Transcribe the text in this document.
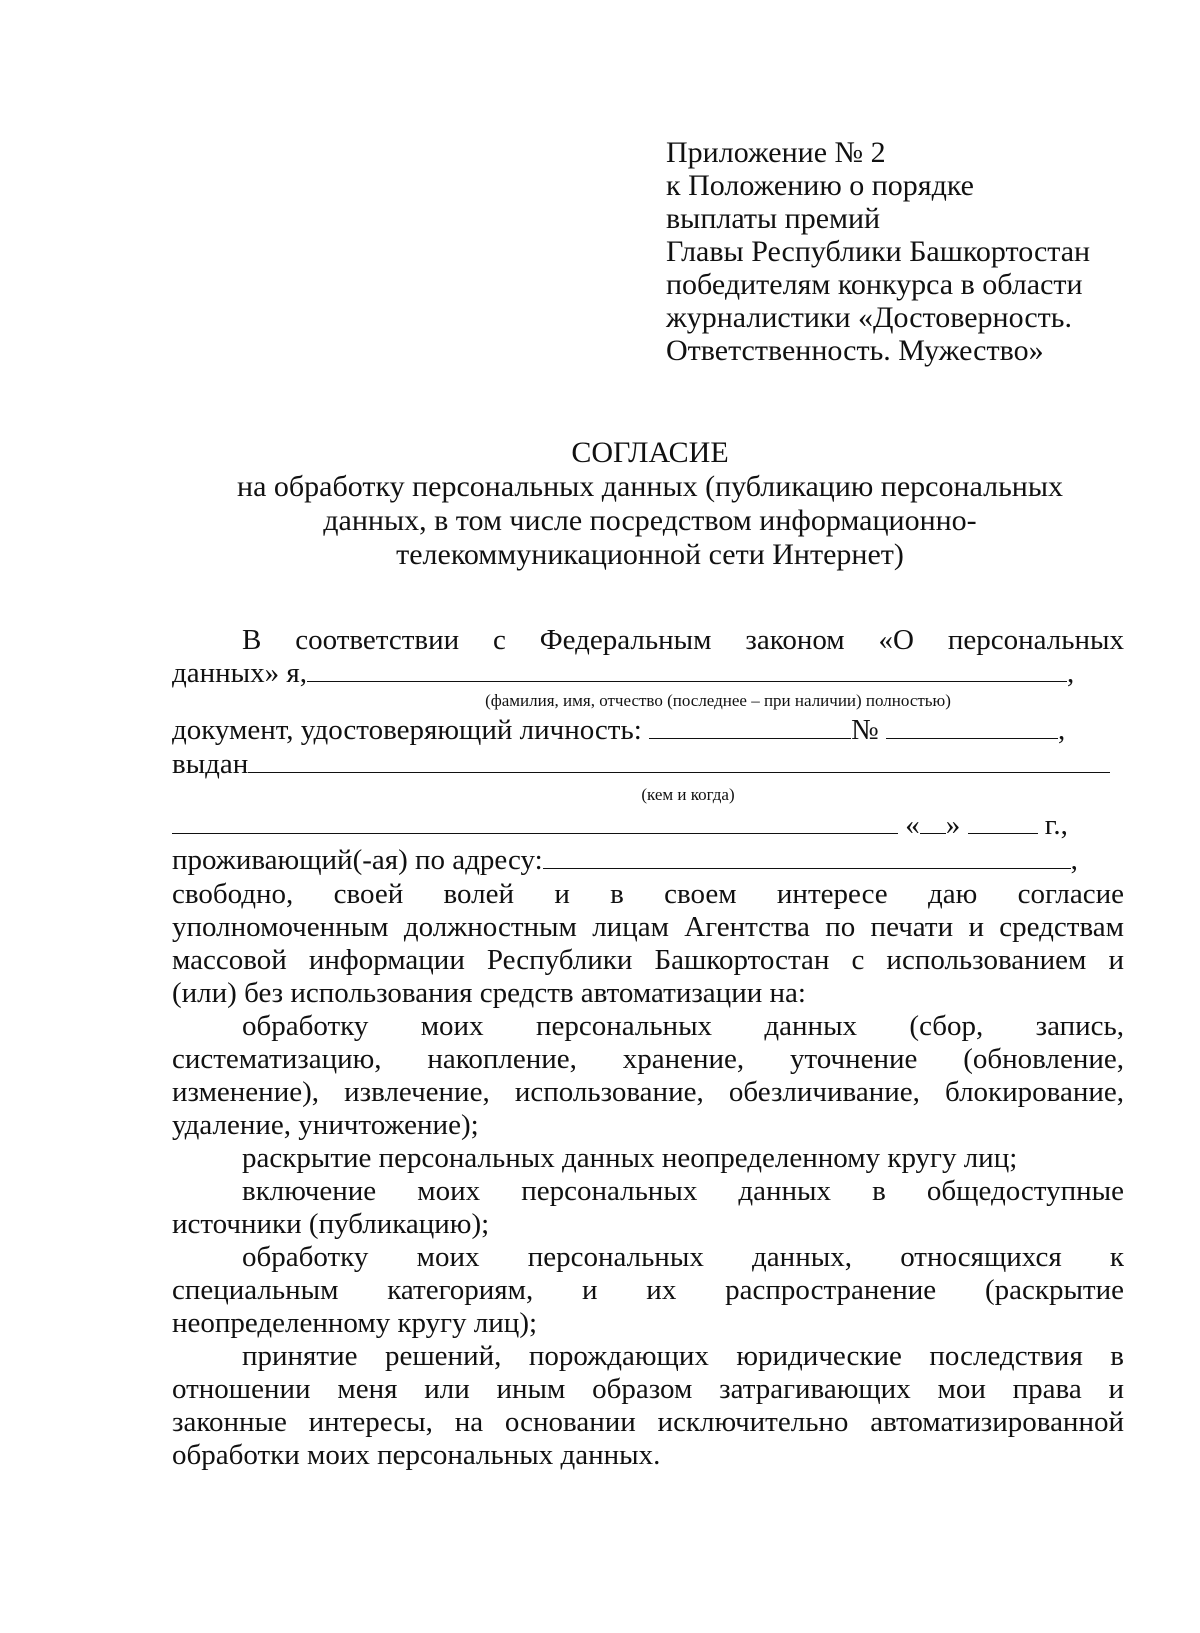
Приложение № 2
к Положению о порядке
выплаты премий
Главы Республики Башкортостан
победителям конкурса в области
журналистики «Достоверность.
Ответственность. Мужество»
СОГЛАСИЕ
на обработку персональных данных (публикацию персональных
данных, в том числе посредством информационно-
телекоммуникационной сети Интернет)
В соответствии с Федеральным законом «О персональных
данных» я,	,
(фамилия, имя, отчество (последнее – при наличии) полностью)
документ, удостоверяющий личность:	№	,
выдан
(кем и когда)
« »	г.,
проживающий(-ая) по адресу:	,
свободно, своей волей и в своем интересе даю согласие
уполномоченным должностным лицам Агентства по печати и средствам
массовой информации Республики Башкортостан с использованием и
(или) без использования средств автоматизации на:
обработку моих персональных данных (сбор, запись,
систематизацию, накопление, хранение, уточнение (обновление,
изменение), извлечение, использование, обезличивание, блокирование,
удаление, уничтожение);
раскрытие персональных данных неопределенному кругу лиц;
включение моих персональных данных в общедоступные
источники (публикацию);
обработку моих персональных данных, относящихся к
специальным категориям, и их распространение (раскрытие
неопределенному кругу лиц);
принятие решений, порождающих юридические последствия в
отношении меня или иным образом затрагивающих мои права и
законные интересы, на основании исключительно автоматизированной
обработки моих персональных данных.
